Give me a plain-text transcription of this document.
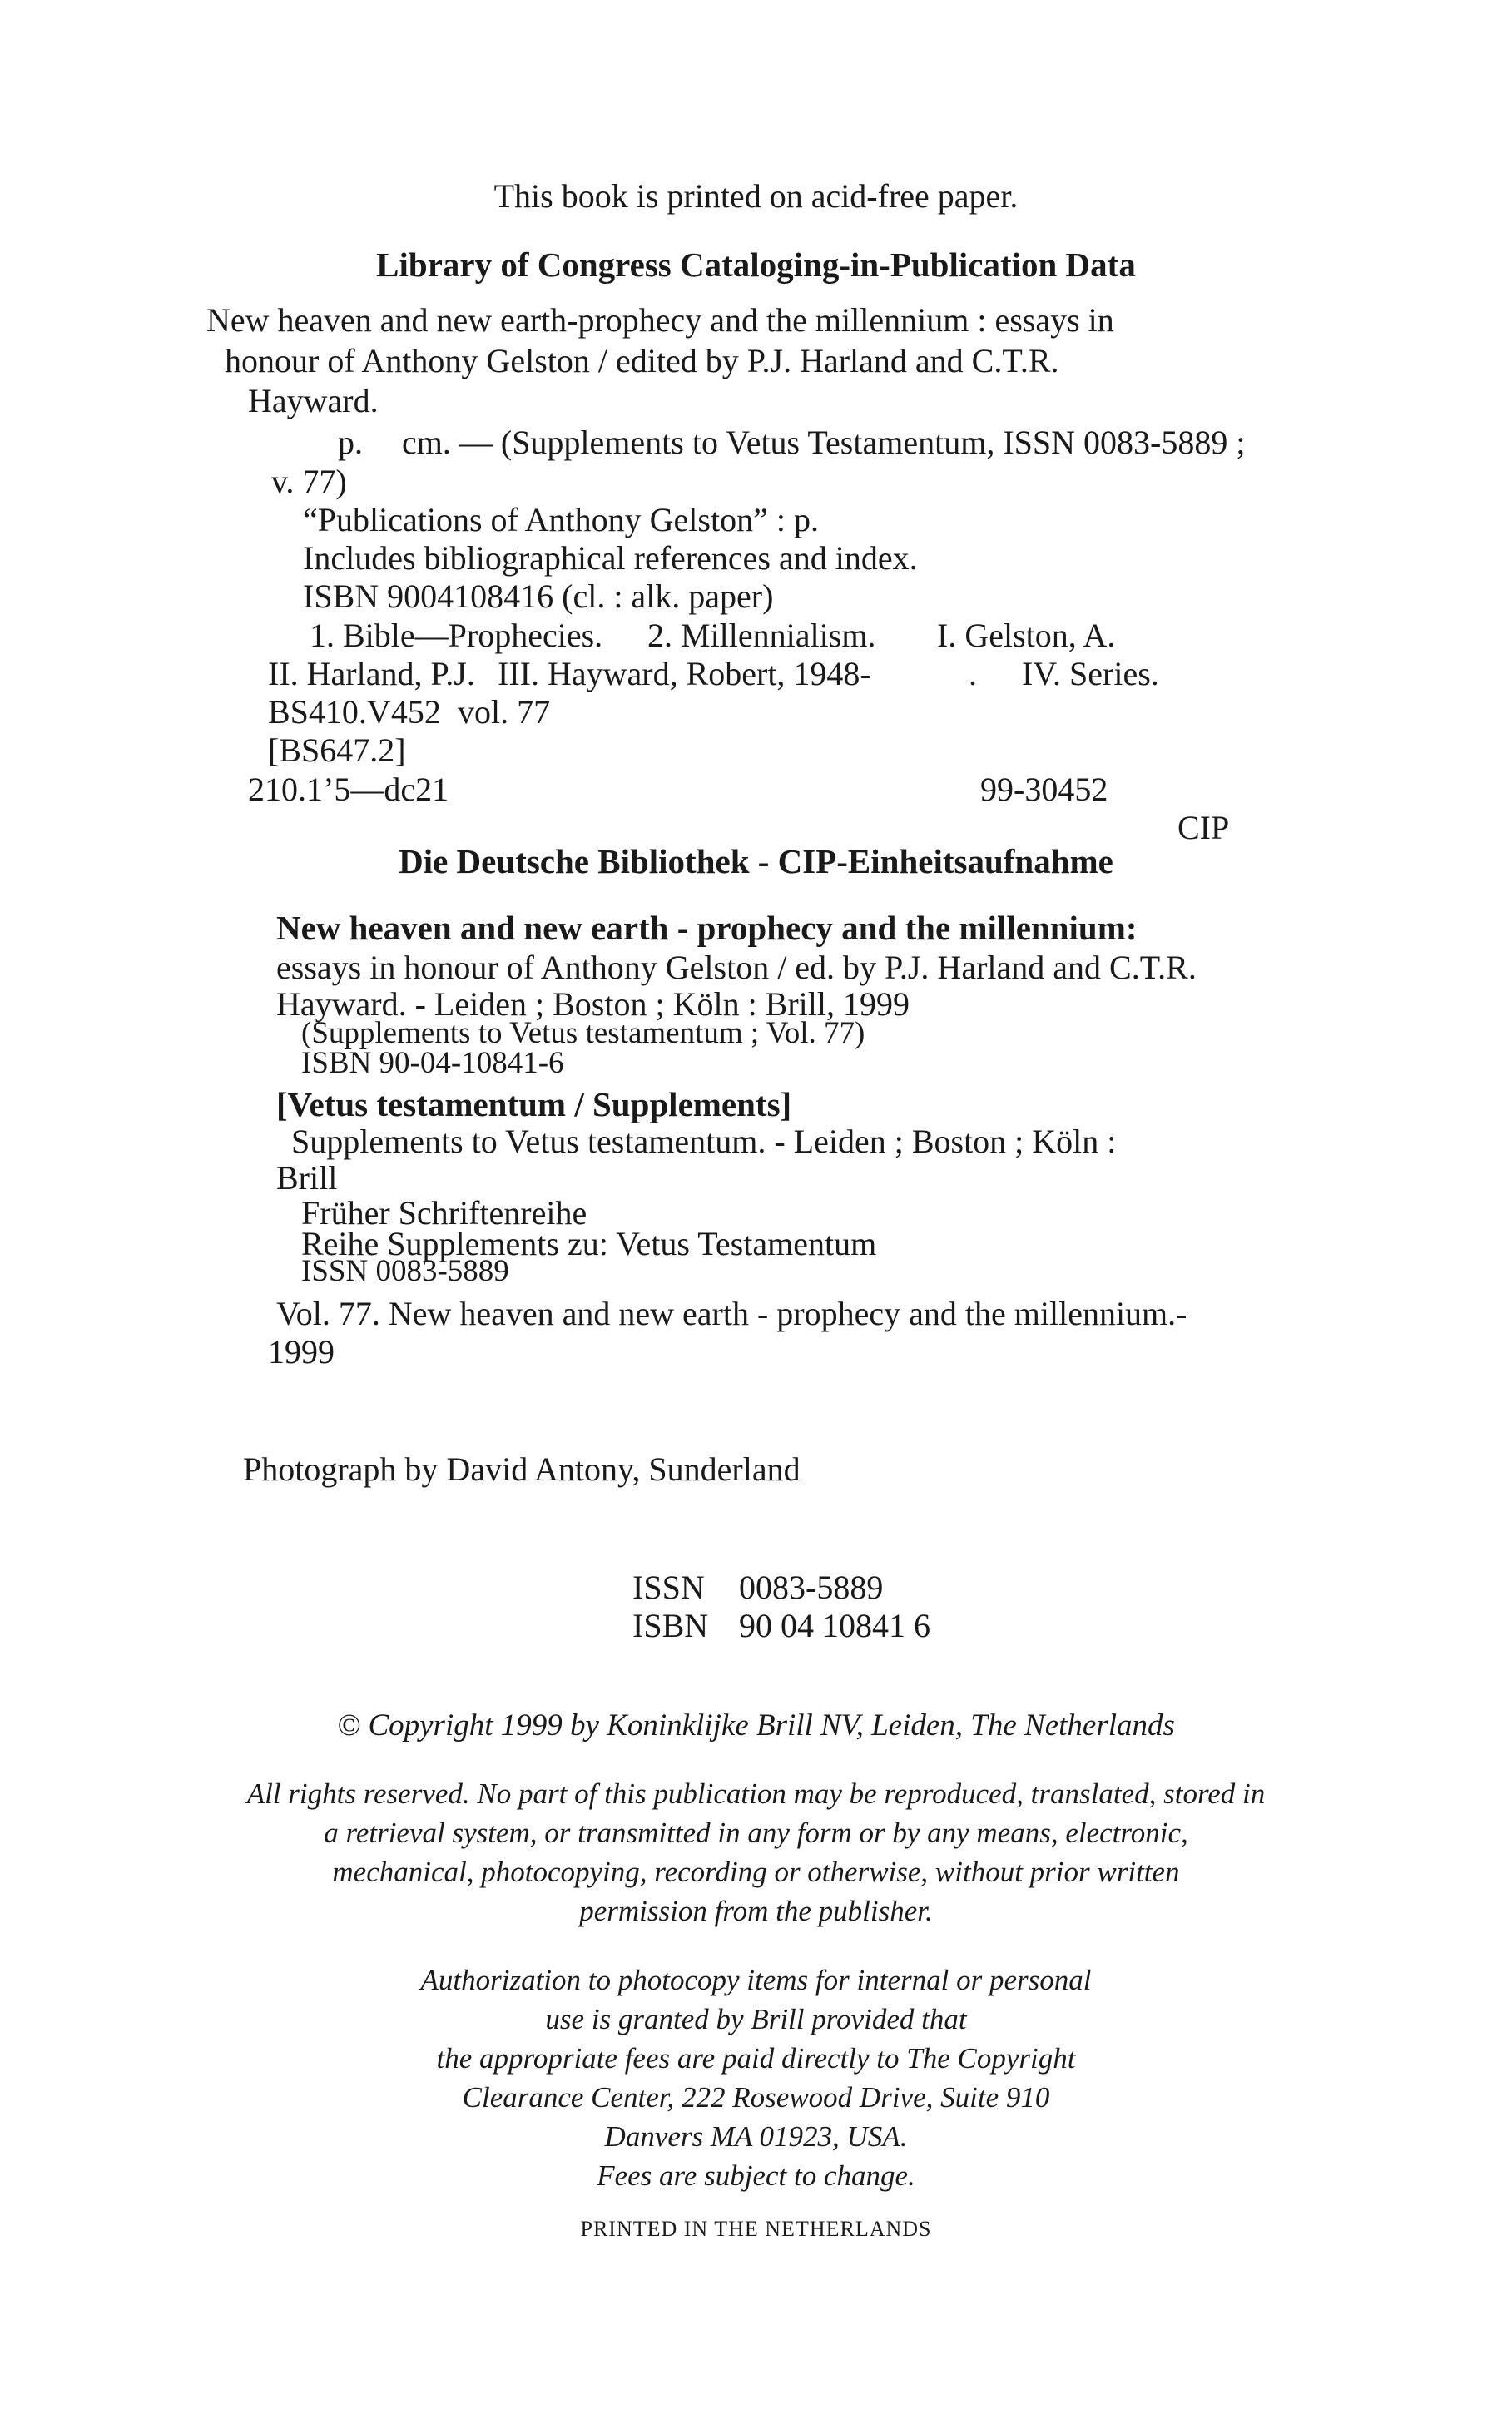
This book is printed on acid-free paper.
Library of Congress Cataloging-in-Publication Data
New heaven and new earth-prophecy and the millennium : essays in
honour of Anthony Gelston / edited by P.J. Harland and C.T.R.
Hayward.
p. cm. — (Supplements to Vetus Testamentum, ISSN 0083-5889 ;
v. 77)
“Publications of Anthony Gelston” : p.
Includes bibliographical references and index.
ISBN 9004108416 (cl. : alk. paper)
1. Bible—Prophecies. 2. Millennialism. I. Gelston, A.
II. Harland, P.J. III. Hayward, Robert, 1948-	. IV. Series.
BS410.V452 vol. 77
[BS647.2]
210.1’5—dc21	99-30452
CIP
Die Deutsche Bibliothek - CIP-Einheitsaufnahme
New heaven and new earth - prophecy and the millennium:
essays in honour of Anthony Gelston / ed. by P.J. Harland and C.T.R.
Hayward. - Leiden ; Boston ; Köln : Brill, 1999
(Supplements to Vetus testamentum ; Vol. 77)
ISBN 90-04-10841-6
[Vetus testamentum / Supplements]
Supplements to Vetus testamentum. - Leiden ; Boston ; Köln :
Brill
Früher Schriftenreihe
Reihe Supplements zu: Vetus Testamentum
ISSN 0083-5889
Vol. 77. New heaven and new earth - prophecy and the millennium.-
1999
Photograph by David Antony, Sunderland
ISSN 0083-5889
ISBN 90 04 10841 6
© Copyright 1999 by Koninklijke Brill NV, Leiden, The Netherlands
All rights reserved. No part of this publication may be reproduced, translated, stored in
a retrieval system, or transmitted in any form or by any means, electronic,
mechanical, photocopying, recording or otherwise, without prior written
permission from the publisher.
Authorization to photocopy items for internal or personal
use is granted by Brill provided that
the appropriate fees are paid directly to The Copyright
Clearance Center, 222 Rosewood Drive, Suite 910
Danvers MA 01923, USA.
Fees are subject to change.
PRINTED IN THE NETHERLANDS
